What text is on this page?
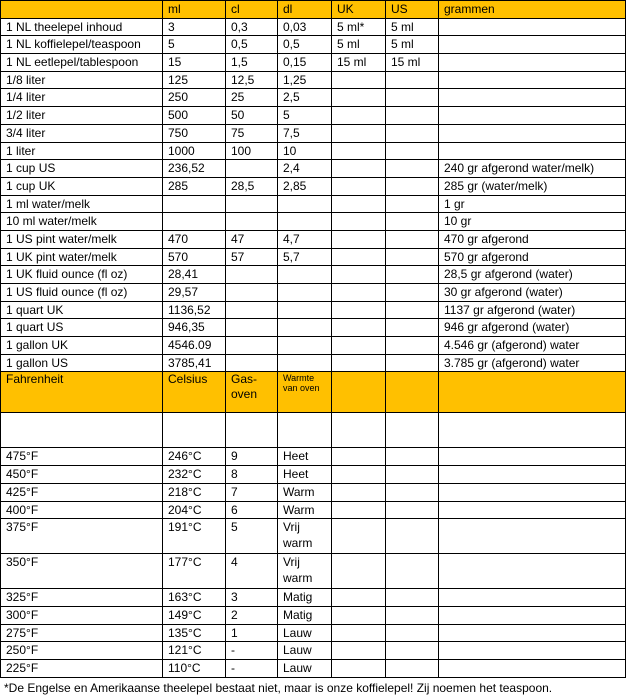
	ml	cl	dl	UK	US	grammen
1 NL theelepel inhoud	3	0,3	0,03	5 ml*	5 ml	
1 NL koffielepel/teaspoon	5	0,5	0,5	5 ml	5 ml	
1 NL eetlepel/tablespoon	15	1,5	0,15	15 ml	15 ml	
1/8 liter	125	12,5	1,25			
1/4 liter	250	25	2,5			
1/2 liter	500	50	5			
3/4 liter	750	75	7,5			
1 liter	1000	100	10			
1 cup US	236,52		2,4			240 gr afgerond water/melk)
1 cup UK	285	28,5	2,85			285 gr (water/melk)
1 ml water/melk						1 gr
10 ml water/melk						10 gr
1 US pint water/melk	470	47	4,7			470 gr afgerond
1 UK pint water/melk	570	57	5,7			570 gr afgerond
1 UK fluid ounce (fl oz)	28,41					28,5 gr afgerond (water)
1 US fluid ounce (fl oz)	29,57					30 gr afgerond (water)
1 quart UK	1136,52					1137 gr afgerond (water)
1 quart US	946,35					946 gr afgerond (water)
1 gallon UK	4546.09					4.546 gr (afgerond) water
1 gallon US	3785,41					3.785 gr (afgerond) water
Fahrenheit	Celsius	Gas-oven	Warmte van oven			

475°F	246°C	9	Heet			
450°F	232°C	8	Heet			
425°F	218°C	7	Warm			
400°F	204°C	6	Warm			
375°F	191°C	5	Vrij warm			
350°F	177°C	4	Vrij warm			
325°F	163°C	3	Matig			
300°F	149°C	2	Matig			
275°F	135°C	1	Lauw			
250°F	121°C	-	Lauw			
225°F	110°C	-	Lauw			
*De Engelse en Amerikaanse theelepel bestaat niet, maar is onze koffielepel! Zij noemen het teaspoon.
